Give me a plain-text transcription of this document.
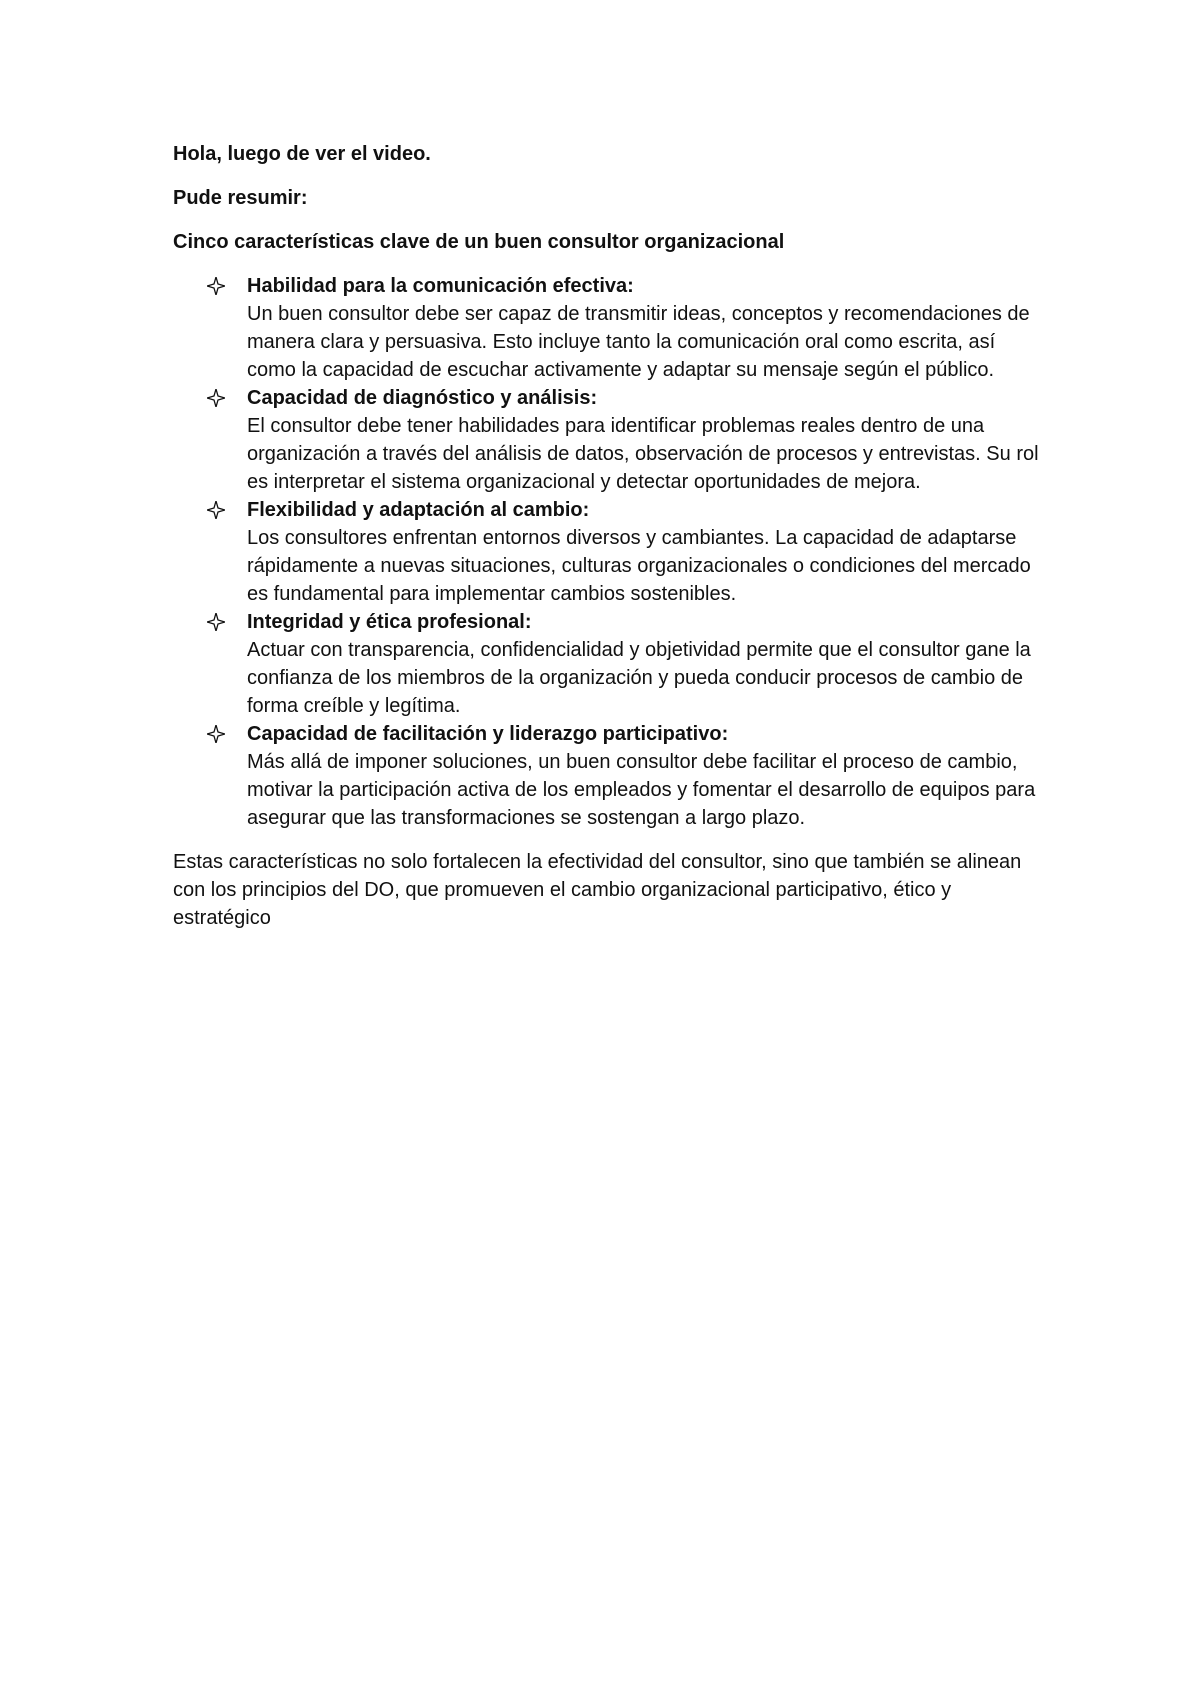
Hola, luego de ver el video.

Pude resumir:

Cinco características clave de un buen consultor organizacional

Habilidad para la comunicación efectiva:
Un buen consultor debe ser capaz de transmitir ideas, conceptos y recomendaciones de manera clara y persuasiva. Esto incluye tanto la comunicación oral como escrita, así como la capacidad de escuchar activamente y adaptar su mensaje según el público.
Capacidad de diagnóstico y análisis:
El consultor debe tener habilidades para identificar problemas reales dentro de una organización a través del análisis de datos, observación de procesos y entrevistas. Su rol es interpretar el sistema organizacional y detectar oportunidades de mejora.
Flexibilidad y adaptación al cambio:
Los consultores enfrentan entornos diversos y cambiantes. La capacidad de adaptarse rápidamente a nuevas situaciones, culturas organizacionales o condiciones del mercado es fundamental para implementar cambios sostenibles.
Integridad y ética profesional:
Actuar con transparencia, confidencialidad y objetividad permite que el consultor gane la confianza de los miembros de la organización y pueda conducir procesos de cambio de forma creíble y legítima.
Capacidad de facilitación y liderazgo participativo:
Más allá de imponer soluciones, un buen consultor debe facilitar el proceso de cambio, motivar la participación activa de los empleados y fomentar el desarrollo de equipos para asegurar que las transformaciones se sostengan a largo plazo.

Estas características no solo fortalecen la efectividad del consultor, sino que también se alinean con los principios del DO, que promueven el cambio organizacional participativo, ético y estratégico
